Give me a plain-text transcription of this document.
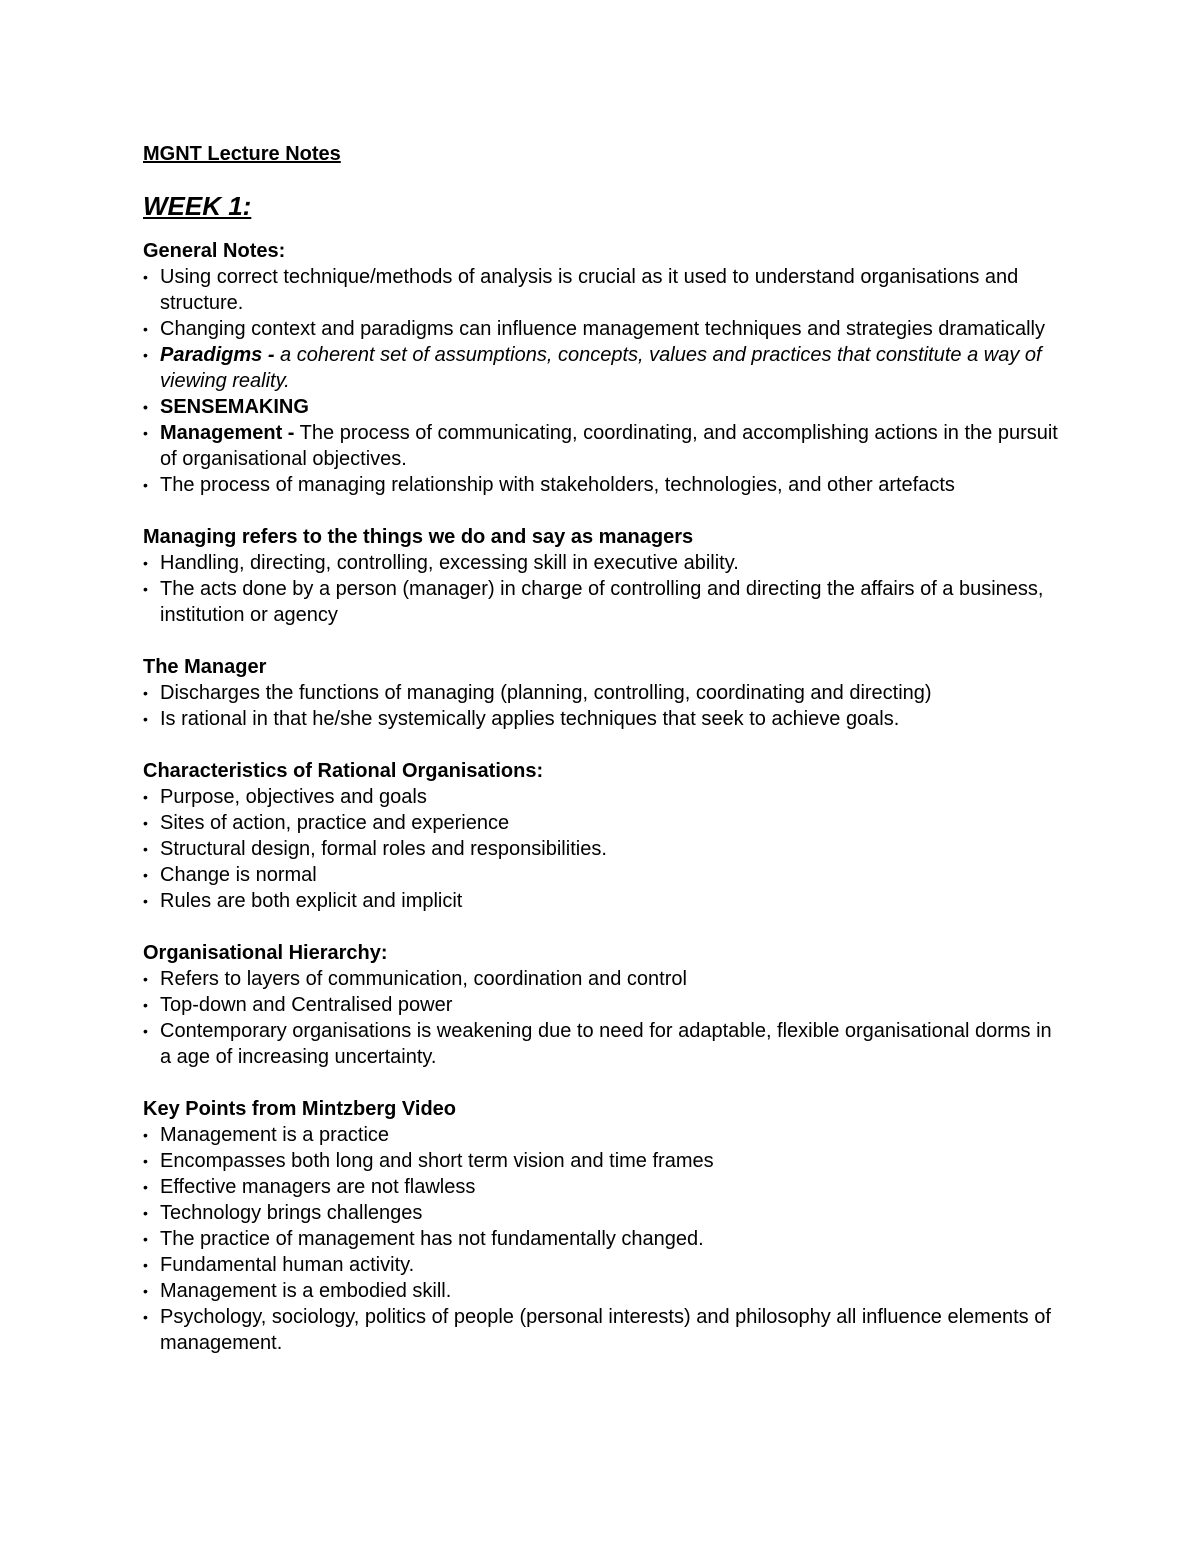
MGNT Lecture Notes

WEEK 1:

General Notes:

• Using correct technique/methods of analysis is crucial as it used to understand organisations and structure.
• Changing context and paradigms can influence management techniques and strategies dramatically
• Paradigms - a coherent set of assumptions, concepts, values and practices that constitute a way of viewing reality.
• SENSEMAKING
• Management - The process of communicating, coordinating, and accomplishing actions in the pursuit of organisational objectives.
• The process of managing relationship with stakeholders, technologies, and other artefacts

Managing refers to the things we do and say as managers

• Handling, directing, controlling, excessing skill in executive ability.
• The acts done by a person (manager) in charge of controlling and directing the affairs of a business, institution or agency

The Manager

• Discharges the functions of managing (planning, controlling, coordinating and directing)
• Is rational in that he/she systemically applies techniques that seek to achieve goals.

Characteristics of Rational Organisations:

• Purpose, objectives and goals
• Sites of action, practice and experience
• Structural design, formal roles and responsibilities.
• Change is normal
• Rules are both explicit and implicit

Organisational Hierarchy:

• Refers to layers of communication, coordination and control
• Top-down and Centralised power
• Contemporary organisations is weakening due to need for adaptable, flexible organisational dorms in a age of increasing uncertainty.

Key Points from Mintzberg Video

• Management is a practice
• Encompasses both long and short term vision and time frames
• Effective managers are not flawless
• Technology brings challenges
• The practice of management has not fundamentally changed.
• Fundamental human activity.
• Management is a embodied skill.
• Psychology, sociology, politics of people (personal interests) and philosophy all influence elements of management.
